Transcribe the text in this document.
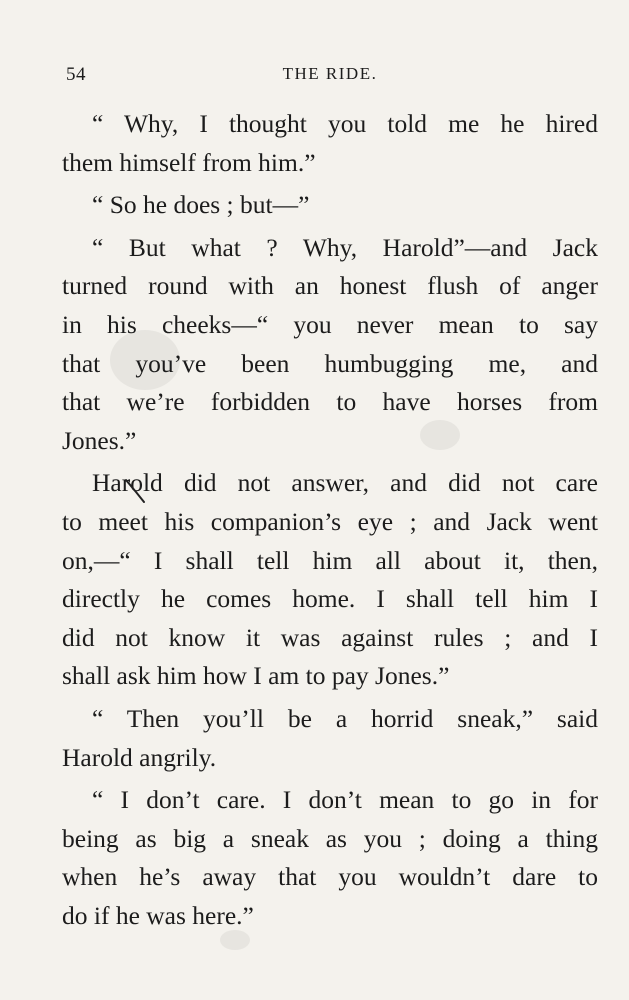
54	THE RIDE.
“ Why, I thought you told me he hired
them himself from him.”
“ So he does ; but—”
“ But what ? Why, Harold”—and Jack
turned round with an honest flush of anger
in his cheeks—“ you never mean to say
that you’ve been humbugging me, and
that we’re forbidden to have horses from
Jones.”
Harold did not answer, and did not care
to meet his companion’s eye ; and Jack went
on,—“ I shall tell him all about it, then,
directly he comes home. I shall tell him I
did not know it was against rules ; and I
shall ask him how I am to pay Jones.”
“ Then you’ll be a horrid sneak,” said
Harold angrily.
“ I don’t care. I don’t mean to go in for
being as big a sneak as you ; doing a thing
when he’s away that you wouldn’t dare to
do if he was here.”
